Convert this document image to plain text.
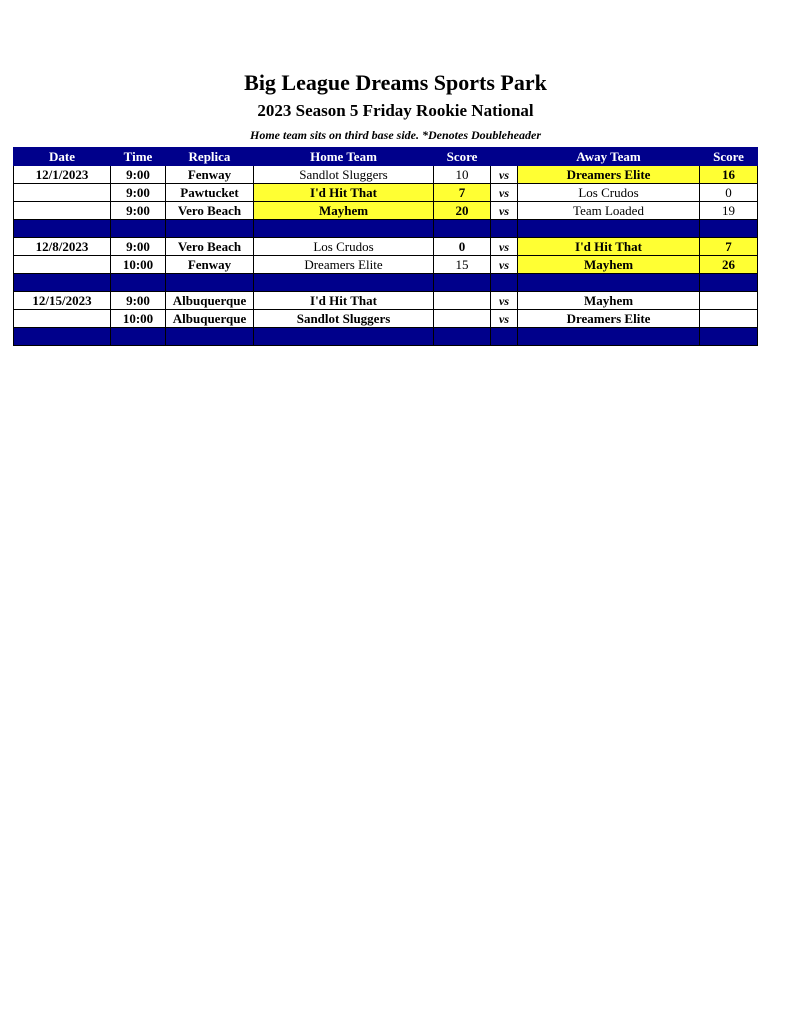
Big League Dreams Sports Park
2023 Season 5 Friday Rookie National
Home team sits on third base side. *Denotes Doubleheader
Date	Time	Replica	Home Team	Score		Away Team	Score
12/1/2023	9:00	Fenway	Sandlot Sluggers	10	vs	Dreamers Elite	16
	9:00	Pawtucket	I'd Hit That	7	vs	Los Crudos	0
	9:00	Vero Beach	Mayhem	20	vs	Team Loaded	19

12/8/2023	9:00	Vero Beach	Los Crudos	0	vs	I'd Hit That	7
	10:00	Fenway	Dreamers Elite	15	vs	Mayhem	26

12/15/2023	9:00	Albuquerque	I'd Hit That		vs	Mayhem	
	10:00	Albuquerque	Sandlot Sluggers		vs	Dreamers Elite	
